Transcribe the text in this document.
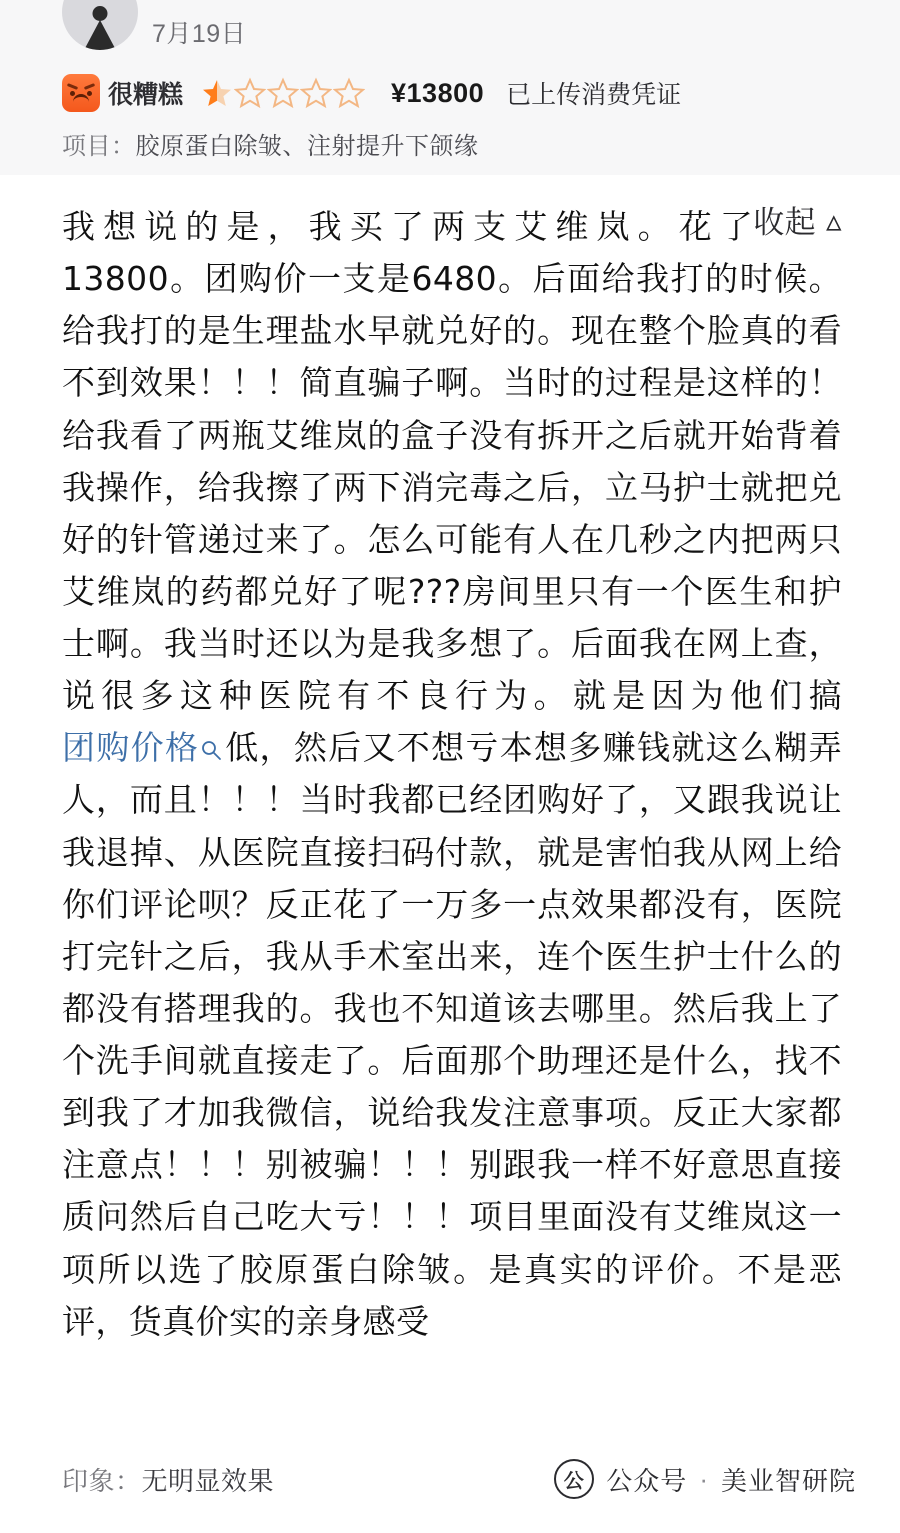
7月19日
很糟糕	¥13800 已上传消费凭证
项目：胶原蛋白除皱、注射提升下颌缘
收起 ▵
我想说的是，我买了两支艾维岚。花了13800。团购价一支是6480。后面给我打的时候。给我打的是生理盐水早就兑好的。现在整个脸真的看不到效果！！！简直骗子啊。当时的过程是这样的！给我看了两瓶艾维岚的盒子没有拆开之后就开始背着我操作，给我擦了两下消完毒之后，立马护士就把兑好的针管递过来了。怎么可能有人在几秒之内把两只艾维岚的药都兑好了呢???房间里只有一个医生和护士啊。我当时还以为是我多想了。后面我在网上查，说很多这种医院有不良行为。就是因为他们搞团购价格 低，然后又不想亏本想多赚钱就这么糊弄人，而且！！！当时我都已经团购好了，又跟我说让我退掉、从医院直接扫码付款，就是害怕我从网上给你们评论呗？反正花了一万多一点效果都没有，医院打完针之后，我从手术室出来，连个医生护士什么的都没有搭理我的。我也不知道该去哪里。然后我上了个洗手间就直接走了。后面那个助理还是什么，找不到我了才加我微信，说给我发注意事项。反正大家都注意点！！！别被骗！！！别跟我一样不好意思直接质问然后自己吃大亏！！！项目里面没有艾维岚这一项所以选了胶原蛋白除皱。是真实的评价。不是恶评，货真价实的亲身感受
印象：无明显效果	公 公众号 · 美业智研院
